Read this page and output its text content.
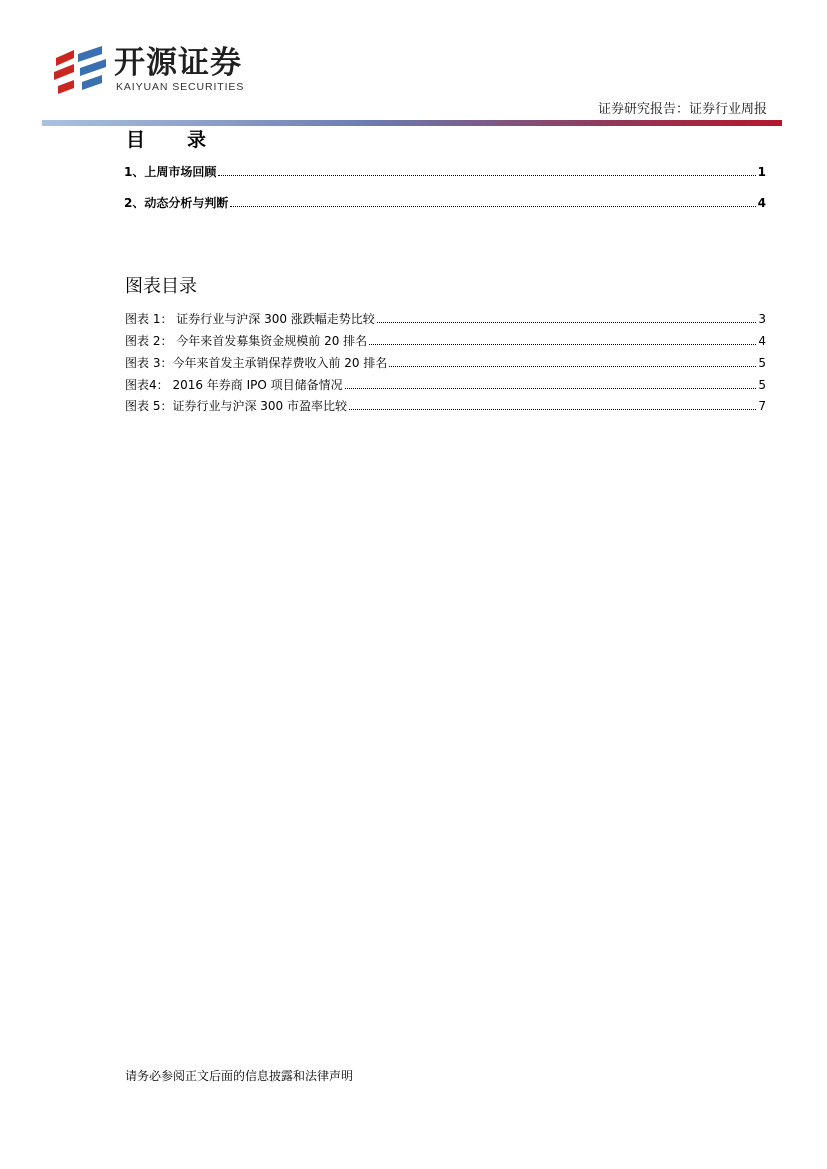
开源证券
KAIYUAN SECURITIES
证券研究报告：证券行业周报
目 录
1、上周市场回顾	1
2、动态分析与判断	4
图表目录
图表 1： 证券行业与沪深 300 涨跌幅走势比较	3
图表 2： 今年来首发募集资金规模前 20 排名	4
图表 3：今年来首发主承销保荐费收入前 20 排名	5
图表4： 2016 年券商 IPO 项目储备情况	5
图表 5：证券行业与沪深 300 市盈率比较	7
请务必参阅正文后面的信息披露和法律声明
